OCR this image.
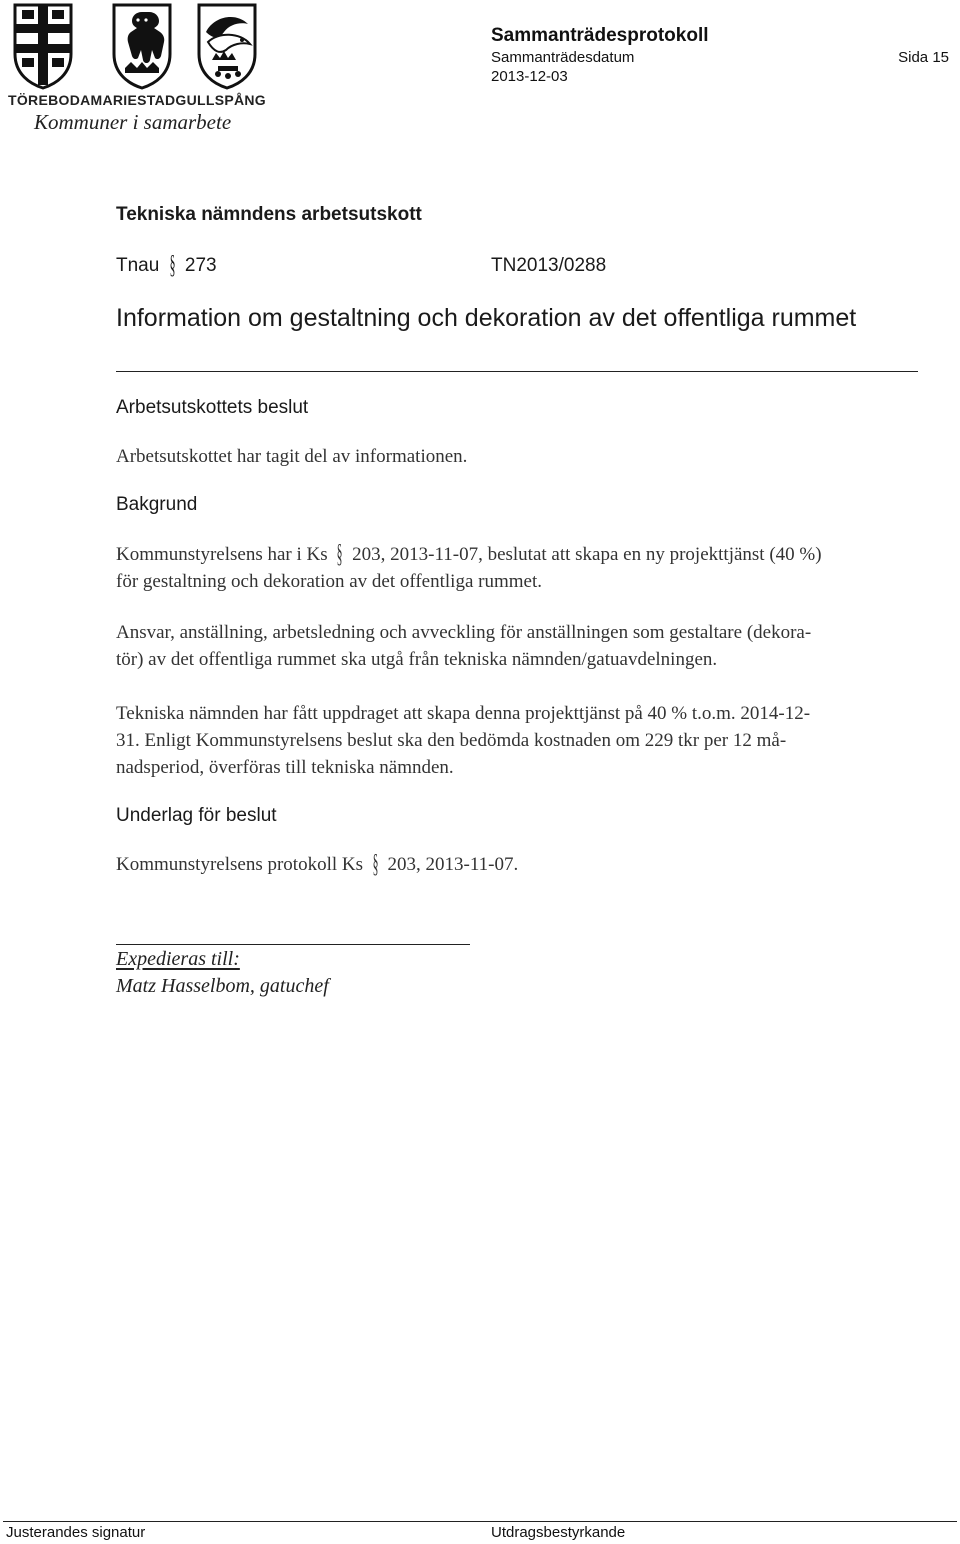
TÖREBODA MARIESTAD GULLSPÅNG
Kommuner i samarbete
Sammanträdesprotokoll
Sammanträdesdatum
2013-12-03
Sida 15
Tekniska nämndens arbetsutskott
Tnau § 273	TN2013/0288
Information om gestaltning och dekoration av det offentliga rummet
Arbetsutskottets beslut

Arbetsutskottet har tagit del av informationen.

Bakgrund

Kommunstyrelsens har i Ks § 203, 2013-11-07, beslutat att skapa en ny projekttjänst (40 %)
för gestaltning och dekoration av det offentliga rummet.

Ansvar, anställning, arbetsledning och avveckling för anställningen som gestaltare (dekora-
tör) av det offentliga rummet ska utgå från tekniska nämnden/gatuavdelningen.

Tekniska nämnden har fått uppdraget att skapa denna projekttjänst på 40 % t.o.m. 2014-12-
31. Enligt Kommunstyrelsens beslut ska den bedömda kostnaden om 229 tkr per 12 må-
nadsperiod, överföras till tekniska nämnden.

Underlag för beslut

Kommunstyrelsens protokoll Ks § 203, 2013-11-07.

Expedieras till:
Matz Hasselbom, gatuchef
Justerandes signatur	Utdragsbestyrkande
